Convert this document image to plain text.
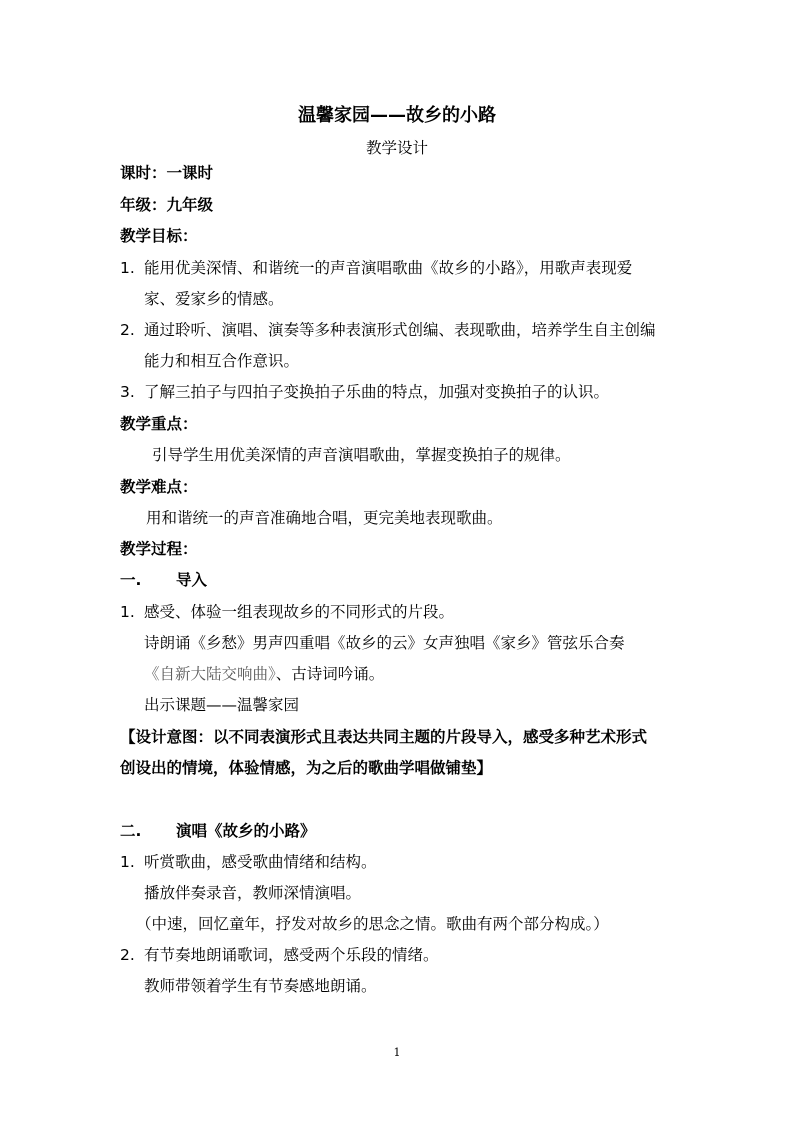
温馨家园——故乡的小路
教学设计
课时：一课时
年级：九年级
教学目标：
1. 能用优美深情、和谐统一的声音演唱歌曲《故乡的小路》，用歌声表现爱
家、爱家乡的情感。
2. 通过聆听、演唱、演奏等多种表演形式创编、表现歌曲，培养学生自主创编
能力和相互合作意识。
3. 了解三拍子与四拍子变换拍子乐曲的特点，加强对变换拍子的认识。
教学重点：
引导学生用优美深情的声音演唱歌曲，掌握变换拍子的规律。
教学难点：
用和谐统一的声音准确地合唱，更完美地表现歌曲。
教学过程：
一. 导入
1. 感受、体验一组表现故乡的不同形式的片段。
诗朗诵《乡愁》男声四重唱《故乡的云》女声独唱《家乡》管弦乐合奏
《自新大陆交响曲》、古诗词吟诵。
出示课题——温馨家园
【设计意图：以不同表演形式且表达共同主题的片段导入，感受多种艺术形式
创设出的情境，体验情感，为之后的歌曲学唱做铺垫】
二. 演唱《故乡的小路》
1. 听赏歌曲，感受歌曲情绪和结构。
播放伴奏录音，教师深情演唱。
（中速，回忆童年，抒发对故乡的思念之情。歌曲有两个部分构成。）
2. 有节奏地朗诵歌词，感受两个乐段的情绪。
教师带领着学生有节奏感地朗诵。
1
